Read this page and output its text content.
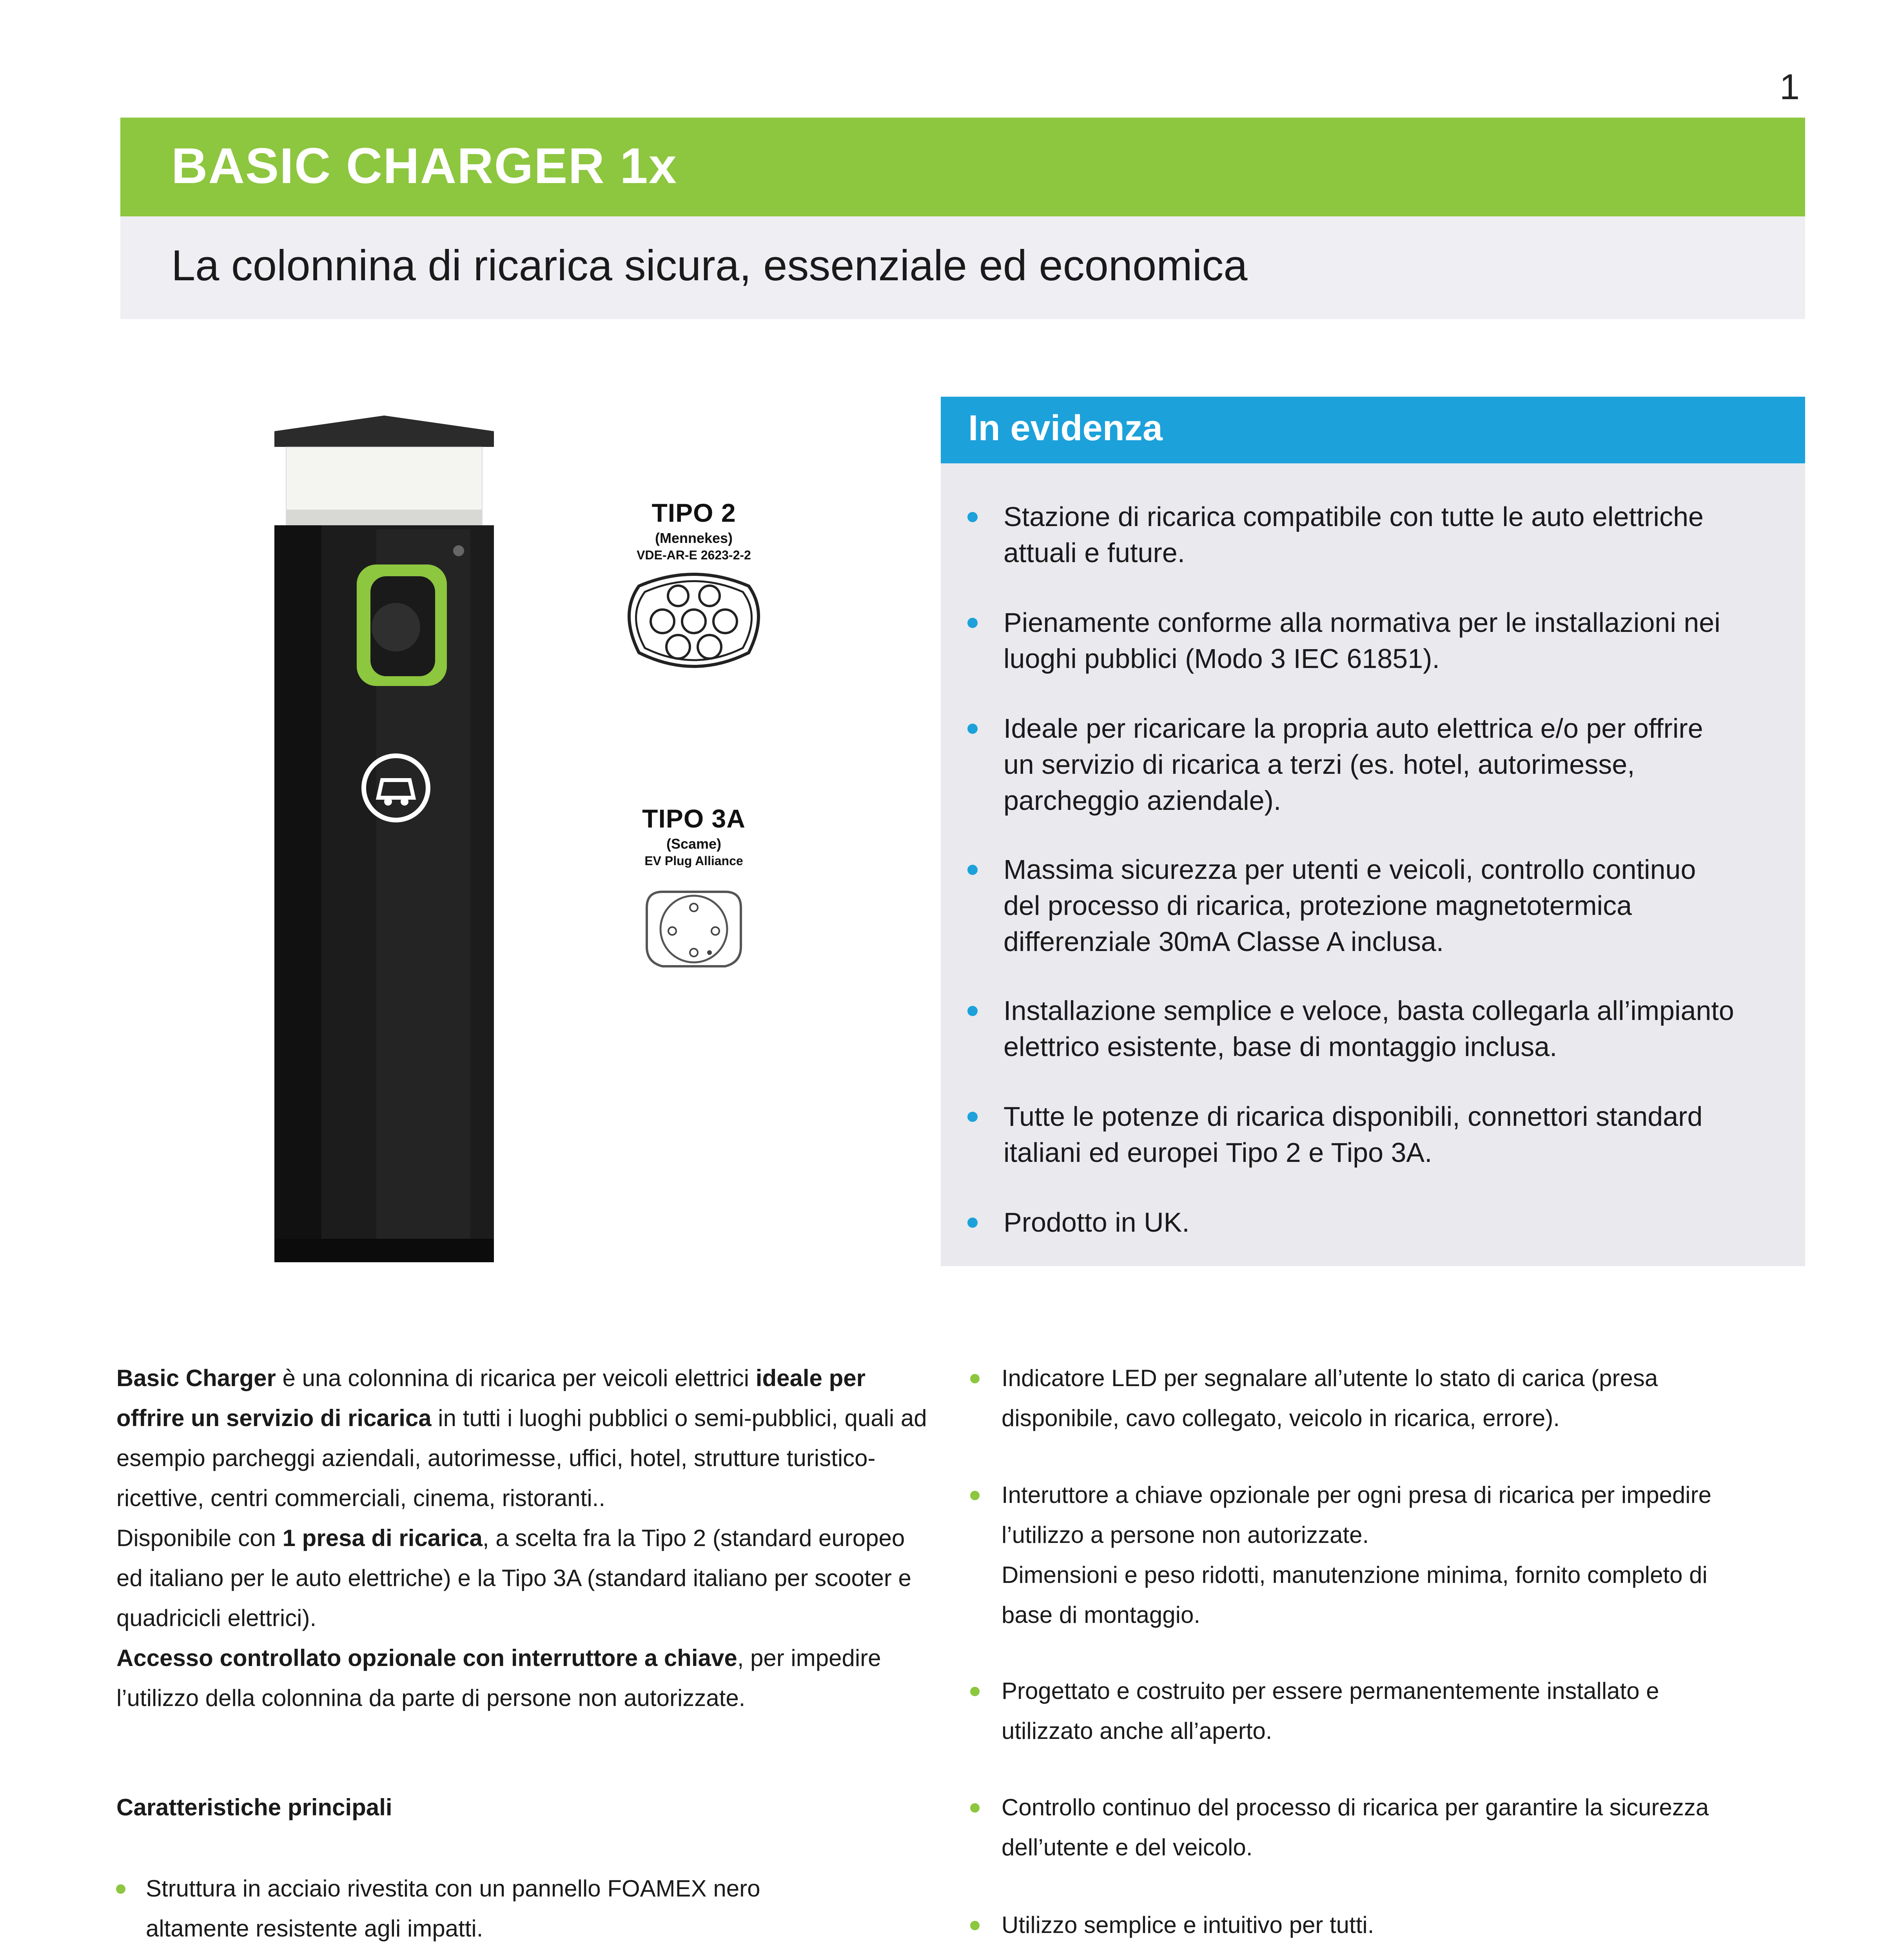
1
BASIC CHARGER 1x
La colonnina di ricarica sicura, essenziale ed economica
TIPO 2
(Mennekes)
VDE-AR-E 2623-2-2
TIPO 3A
(Scame)
EV Plug Alliance
In evidenza
Stazione di ricarica compatibile con tutte le auto elettriche
attuali e future.
Pienamente conforme alla normativa per le installazioni nei
luoghi pubblici (Modo 3 IEC 61851).
Ideale per ricaricare la propria auto elettrica e/o per offrire
un servizio di ricarica a terzi (es. hotel, autorimesse,
parcheggio aziendale).
Massima sicurezza per utenti e veicoli, controllo continuo
del processo di ricarica, protezione magnetotermica
differenziale 30mA Classe A inclusa.
Installazione semplice e veloce, basta collegarla all’impianto
elettrico esistente, base di montaggio inclusa.
Tutte le potenze di ricarica disponibili, connettori standard
italiani ed europei Tipo 2 e Tipo 3A.
Prodotto in UK.
Basic Charger è una colonnina di ricarica per veicoli elettrici ideale per offrire un servizio di ricarica in tutti i luoghi pubblici o semi-pubblici, quali ad esempio parcheggi aziendali, autorimesse, uffici, hotel, strutture turistico-ricettive, centri commerciali, cinema, ristoranti..
Disponibile con 1 presa di ricarica, a scelta fra la Tipo 2 (standard europeo ed italiano per le auto elettriche) e la Tipo 3A (standard italiano per scooter e quadricicli elettrici).
Accesso controllato opzionale con interruttore a chiave, per impedire l’utilizzo della colonnina da parte di persone non autorizzate.
Caratteristiche principali
Struttura in acciaio rivestita con un pannello FOAMEX nero
altamente resistente agli impatti.
Indicatore LED per segnalare all’utente lo stato di carica (presa
disponibile, cavo collegato, veicolo in ricarica, errore).
Interuttore a chiave opzionale per ogni presa di ricarica per impedire
l’utilizzo a persone non autorizzate.
Dimensioni e peso ridotti, manutenzione minima, fornito completo di
base di montaggio.
Progettato e costruito per essere permanentemente installato e
utilizzato anche all’aperto.
Controllo continuo del processo di ricarica per garantire la sicurezza
dell’utente e del veicolo.
Utilizzo semplice e intuitivo per tutti.
